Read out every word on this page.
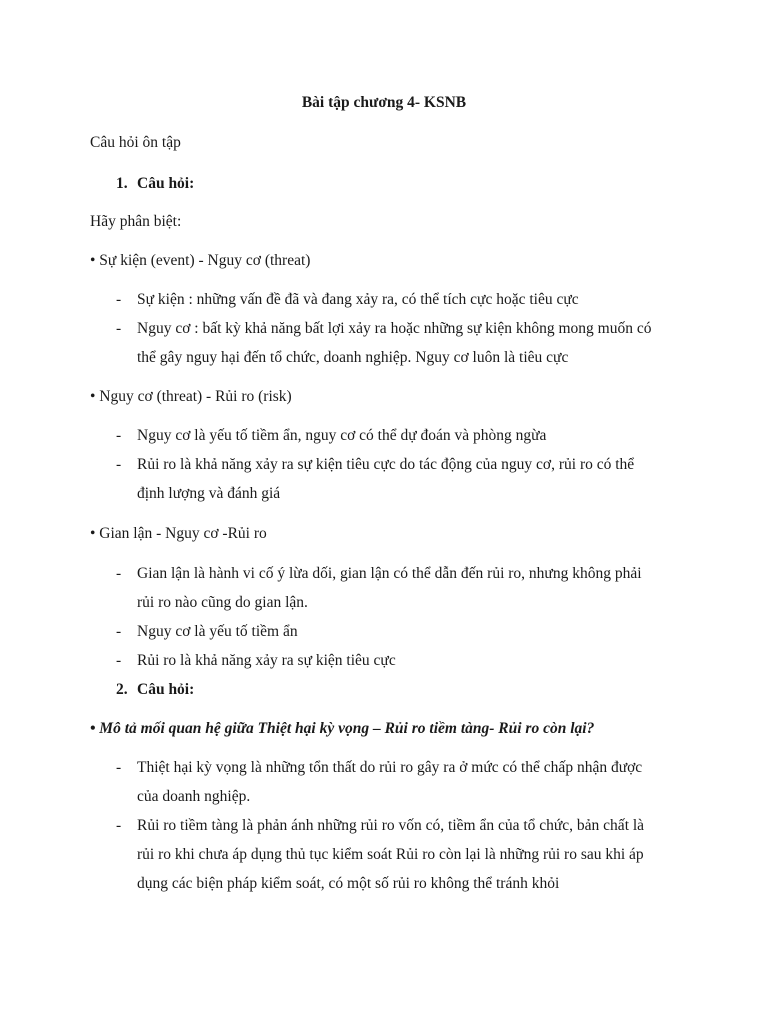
Bài tập chương 4- KSNB
Câu hỏi ôn tập
1. Câu hỏi:
Hãy phân biệt:
• Sự kiện (event) - Nguy cơ (threat)
- Sự kiện : những vấn đề đã và đang xảy ra, có thể tích cực hoặc tiêu cực
- Nguy cơ : bất kỳ khả năng bất lợi xảy ra hoặc những sự kiện không mong muốn có
thể gây nguy hại đến tổ chức, doanh nghiệp. Nguy cơ luôn là tiêu cực
• Nguy cơ (threat) - Rủi ro (risk)
- Nguy cơ là yếu tố tiềm ẩn, nguy cơ có thể dự đoán và phòng ngừa
- Rủi ro là khả năng xảy ra sự kiện tiêu cực do tác động của nguy cơ, rủi ro có thể
định lượng và đánh giá
• Gian lận - Nguy cơ -Rủi ro
- Gian lận là hành vi cố ý lừa dối, gian lận có thể dẫn đến rủi ro, nhưng không phải
rủi ro nào cũng do gian lận.
- Nguy cơ là yếu tố tiềm ẩn
- Rủi ro là khả năng xảy ra sự kiện tiêu cực
2. Câu hỏi:
• Mô tả mối quan hệ giữa Thiệt hại kỳ vọng – Rủi ro tiềm tàng- Rủi ro còn lại?
- Thiệt hại kỳ vọng là những tổn thất do rủi ro gây ra ở mức có thể chấp nhận được
của doanh nghiệp.
- Rủi ro tiềm tàng là phản ánh những rủi ro vốn có, tiềm ẩn của tổ chức, bản chất là
rủi ro khi chưa áp dụng thủ tục kiểm soát Rủi ro còn lại là những rủi ro sau khi áp
dụng các biện pháp kiểm soát, có một số rủi ro không thể tránh khỏi
